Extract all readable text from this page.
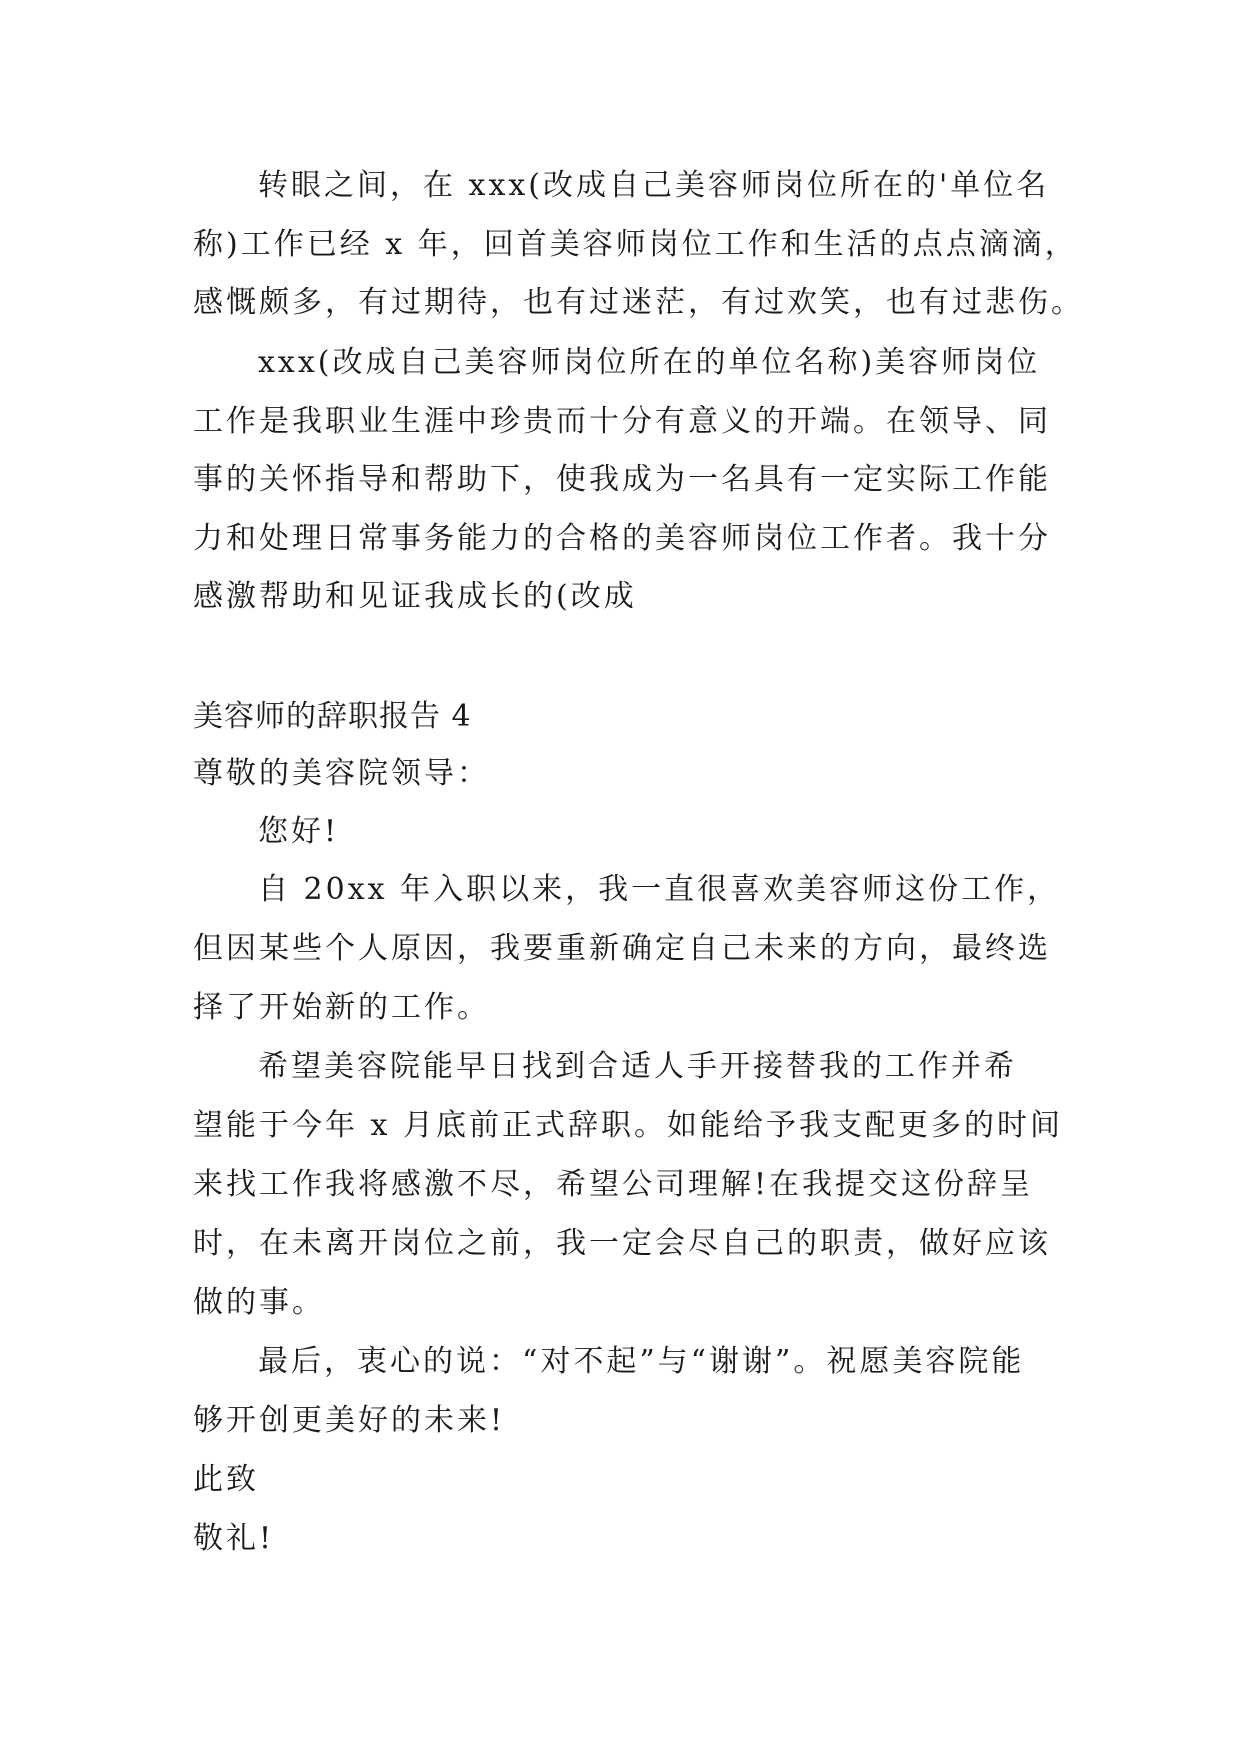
转眼之间，在 xxx(改成自己美容师岗位所在的'单位名
称)工作已经 x 年，回首美容师岗位工作和生活的点点滴滴，
感慨颇多，有过期待，也有过迷茫，有过欢笑，也有过悲伤。
xxx(改成自己美容师岗位所在的单位名称)美容师岗位
工作是我职业生涯中珍贵而十分有意义的开端。在领导、同
事的关怀指导和帮助下，使我成为一名具有一定实际工作能
力和处理日常事务能力的合格的美容师岗位工作者。我十分
感激帮助和见证我成长的(改成
美容师的辞职报告 4
尊敬的美容院领导：
您好!
自 20xx 年入职以来，我一直很喜欢美容师这份工作，
但因某些个人原因，我要重新确定自己未来的方向，最终选
择了开始新的工作。
希望美容院能早日找到合适人手开接替我的工作并希
望能于今年 x 月底前正式辞职。如能给予我支配更多的时间
来找工作我将感激不尽，希望公司理解!在我提交这份辞呈
时，在未离开岗位之前，我一定会尽自己的职责，做好应该
做的事。
最后，衷心的说：“对不起”与“谢谢”。祝愿美容院能
够开创更美好的未来!
此致
敬礼!
